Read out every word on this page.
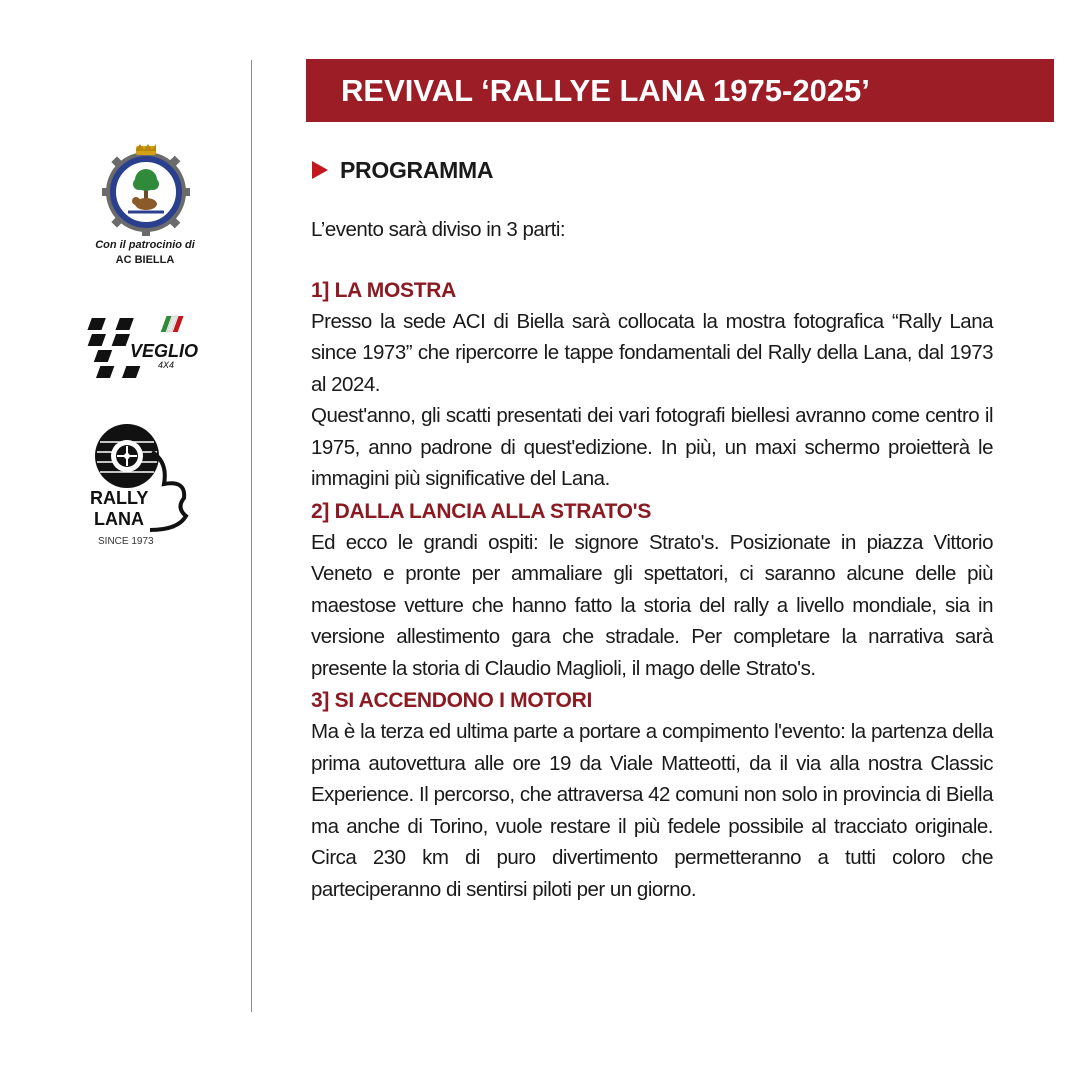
Con il patrocinio di
AC BIELLA
VEGLIO
4X4
RALLY
LANA
SINCE 1973
REVIVAL ‘RALLYE LANA 1975-2025’
PROGRAMMA

L’evento sarà diviso in 3 parti:

1] LA MOSTRA

Presso la sede ACI di Biella sarà collocata la mostra fotografica “Rally Lana since 1973” che ripercorre le tappe fondamentali del Rally della Lana, dal 1973 al 2024.

Quest'anno, gli scatti presentati dei vari fotografi biellesi avranno come centro il 1975, anno padrone di quest'edizione. In più, un maxi schermo proietterà le immagini più significative del Lana.

2] DALLA LANCIA ALLA STRATO'S

Ed ecco le grandi ospiti: le signore Strato's. Posizionate in piazza Vittorio Veneto e pronte per ammaliare gli spettatori, ci saranno alcune delle più maestose vetture che hanno fatto la storia del rally a livello mondiale, sia in versione allestimento gara che stradale. Per completare la narrativa sarà presente la storia di Claudio Maglioli, il mago delle Strato's.

3] SI ACCENDONO I MOTORI

Ma è la terza ed ultima parte a portare a compimento l'evento: la partenza della prima autovettura alle ore 19 da Viale Matteotti, da il via alla nostra Classic Experience. Il percorso, che attraversa 42 comuni non solo in provincia di Biella ma anche di Torino, vuole restare il più fedele possibile al tracciato originale. Circa 230 km di puro divertimento permetteranno a tutti coloro che parteciperanno di sentirsi piloti per un giorno.
